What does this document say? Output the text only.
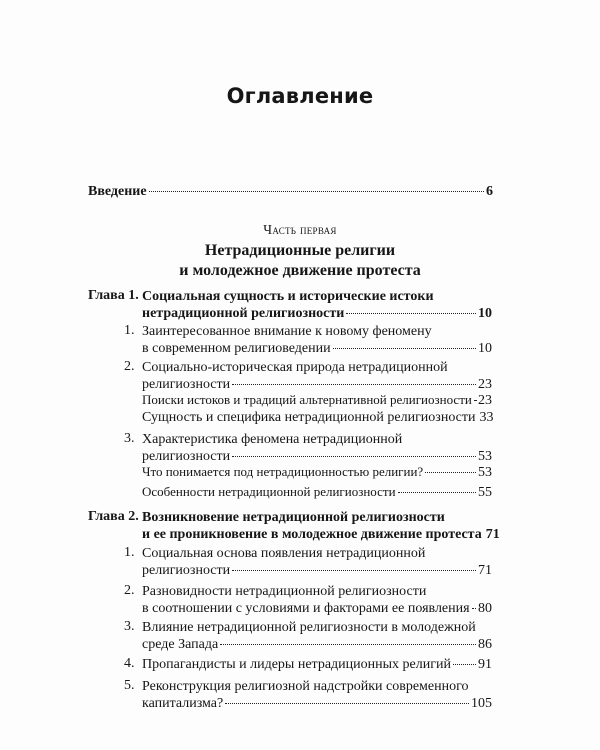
Оглавление
Введение	6
Часть первая
Нетрадиционные религии
и молодежное движение протеста
Глава 1. Социальная сущность и исторические истоки
нетрадиционной религиозности	10
1. Заинтересованное внимание к новому феномену
в современном религиоведении	10
2. Социально-историческая природа нетрадиционной
религиозности	23
Поиски истоков и традиций альтернативной религиозности 23
Сущность и специфика нетрадиционной религиозности 33
3. Характеристика феномена нетрадиционной
религиозности	53
Что понимается под нетрадиционностью религии?	53
Особенности нетрадиционной религиозности	55
Глава 2. Возникновение нетрадиционной религиозности
и ее проникновение в молодежное движение протеста 71
1. Социальная основа появления нетрадиционной
религиозности	71
2. Разновидности нетрадиционной религиозности
в соотношении с условиями и факторами ее появления 80
3. Влияние нетрадиционной религиозности в молодежной
среде Запада	86
4. Пропагандисты и лидеры нетрадиционных религий 91
5. Реконструкция религиозной надстройки современного
капитализма?	105
